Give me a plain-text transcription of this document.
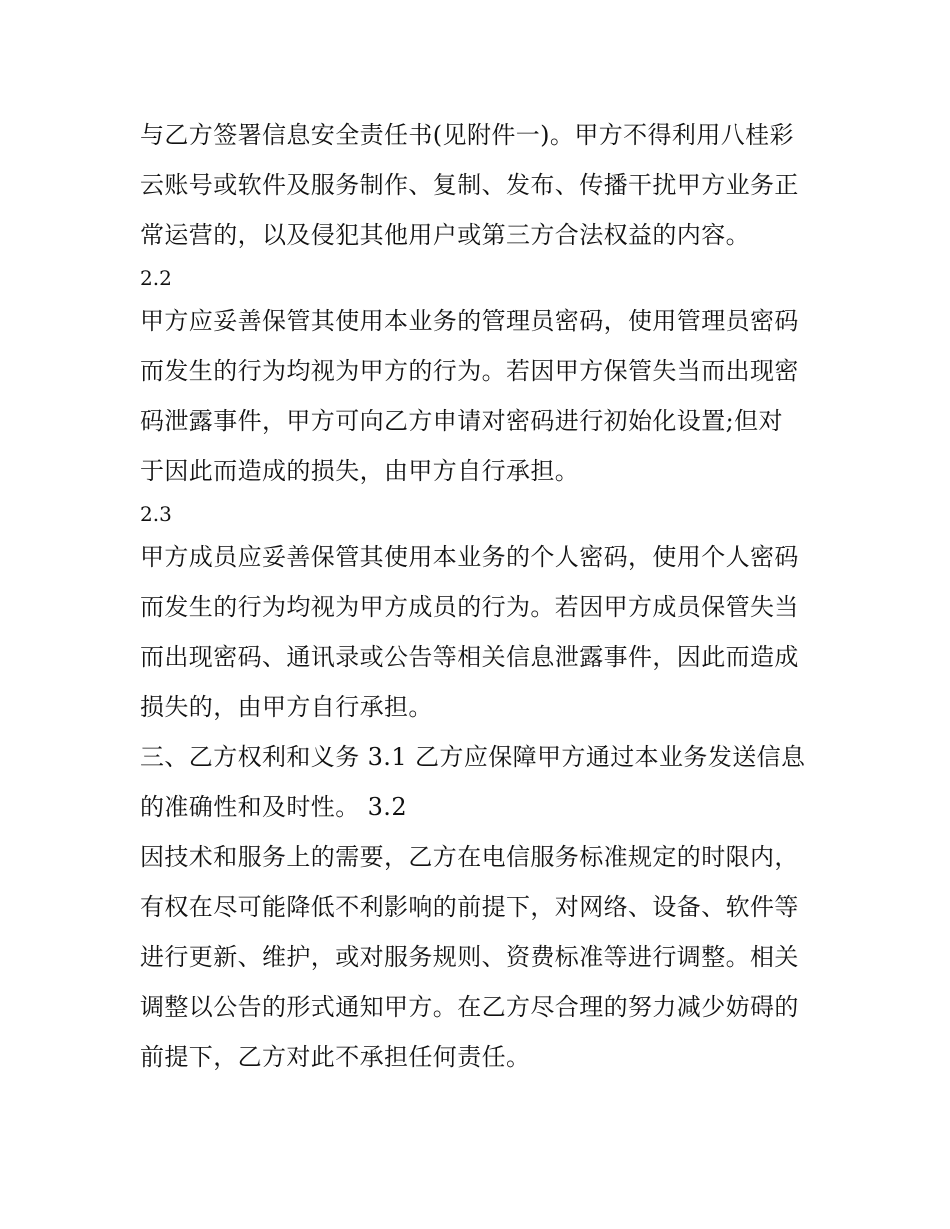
与乙方签署信息安全责任书(见附件一)。甲方不得利用八桂彩
云账号或软件及服务制作、复制、发布、传播干扰甲方业务正
常运营的，以及侵犯其他用户或第三方合法权益的内容。
2.2
甲方应妥善保管其使用本业务的管理员密码，使用管理员密码
而发生的行为均视为甲方的行为。若因甲方保管失当而出现密
码泄露事件，甲方可向乙方申请对密码进行初始化设置;但对
于因此而造成的损失，由甲方自行承担。
2.3
甲方成员应妥善保管其使用本业务的个人密码，使用个人密码
而发生的行为均视为甲方成员的行为。若因甲方成员保管失当
而出现密码、通讯录或公告等相关信息泄露事件，因此而造成
损失的，由甲方自行承担。
三、乙方权利和义务 3.1 乙方应保障甲方通过本业务发送信息
的准确性和及时性。 3.2
因技术和服务上的需要，乙方在电信服务标准规定的时限内，
有权在尽可能降低不利影响的前提下，对网络、设备、软件等
进行更新、维护，或对服务规则、资费标准等进行调整。相关
调整以公告的形式通知甲方。在乙方尽合理的努力减少妨碍的
前提下，乙方对此不承担任何责任。
